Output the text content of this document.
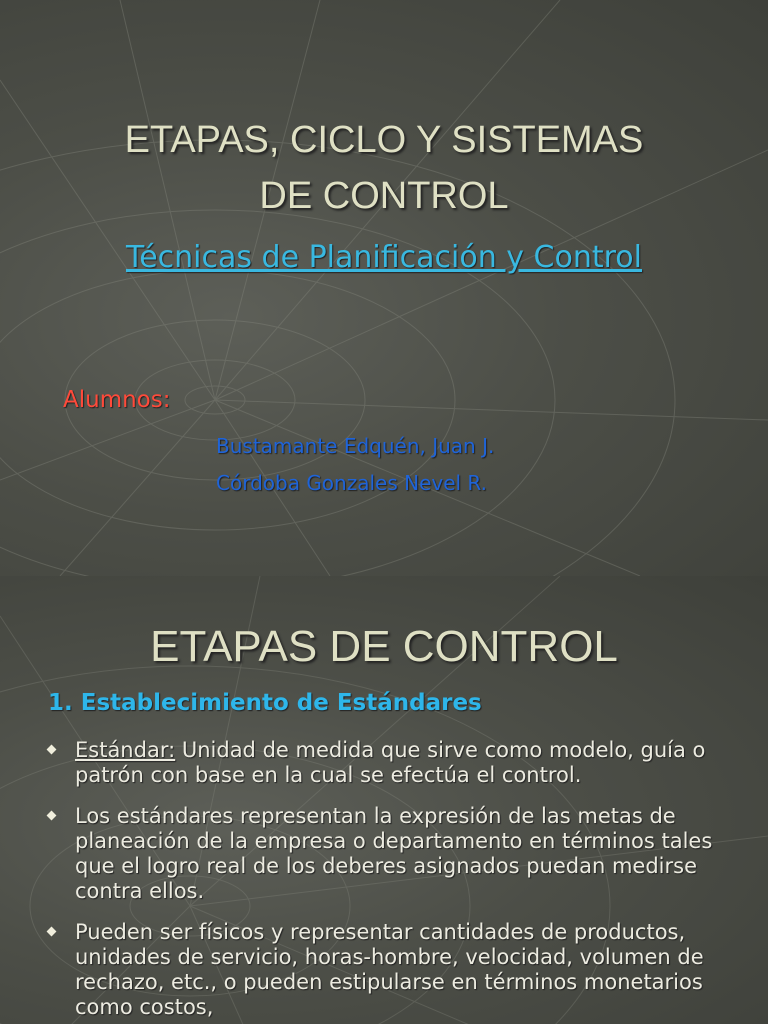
ETAPAS, CICLO Y SISTEMAS
DE CONTROL
Técnicas de Planificación y Control
Alumnos:
Bustamante Edquén, Juan J.
Córdoba Gonzales Nevel R.
ETAPAS DE CONTROL
1. Establecimiento de Estándares
Estándar: Unidad de medida que sirve como modelo, guía o patrón con base en la cual se efectúa el control.
Los estándares representan la expresión de las metas de planeación de la empresa o departamento en términos tales que el logro real de los deberes asignados puedan medirse contra ellos.
Pueden ser físicos y representar cantidades de productos, unidades de servicio, horas-hombre, velocidad, volumen de rechazo, etc., o pueden estipularse en términos monetarios como costos,
